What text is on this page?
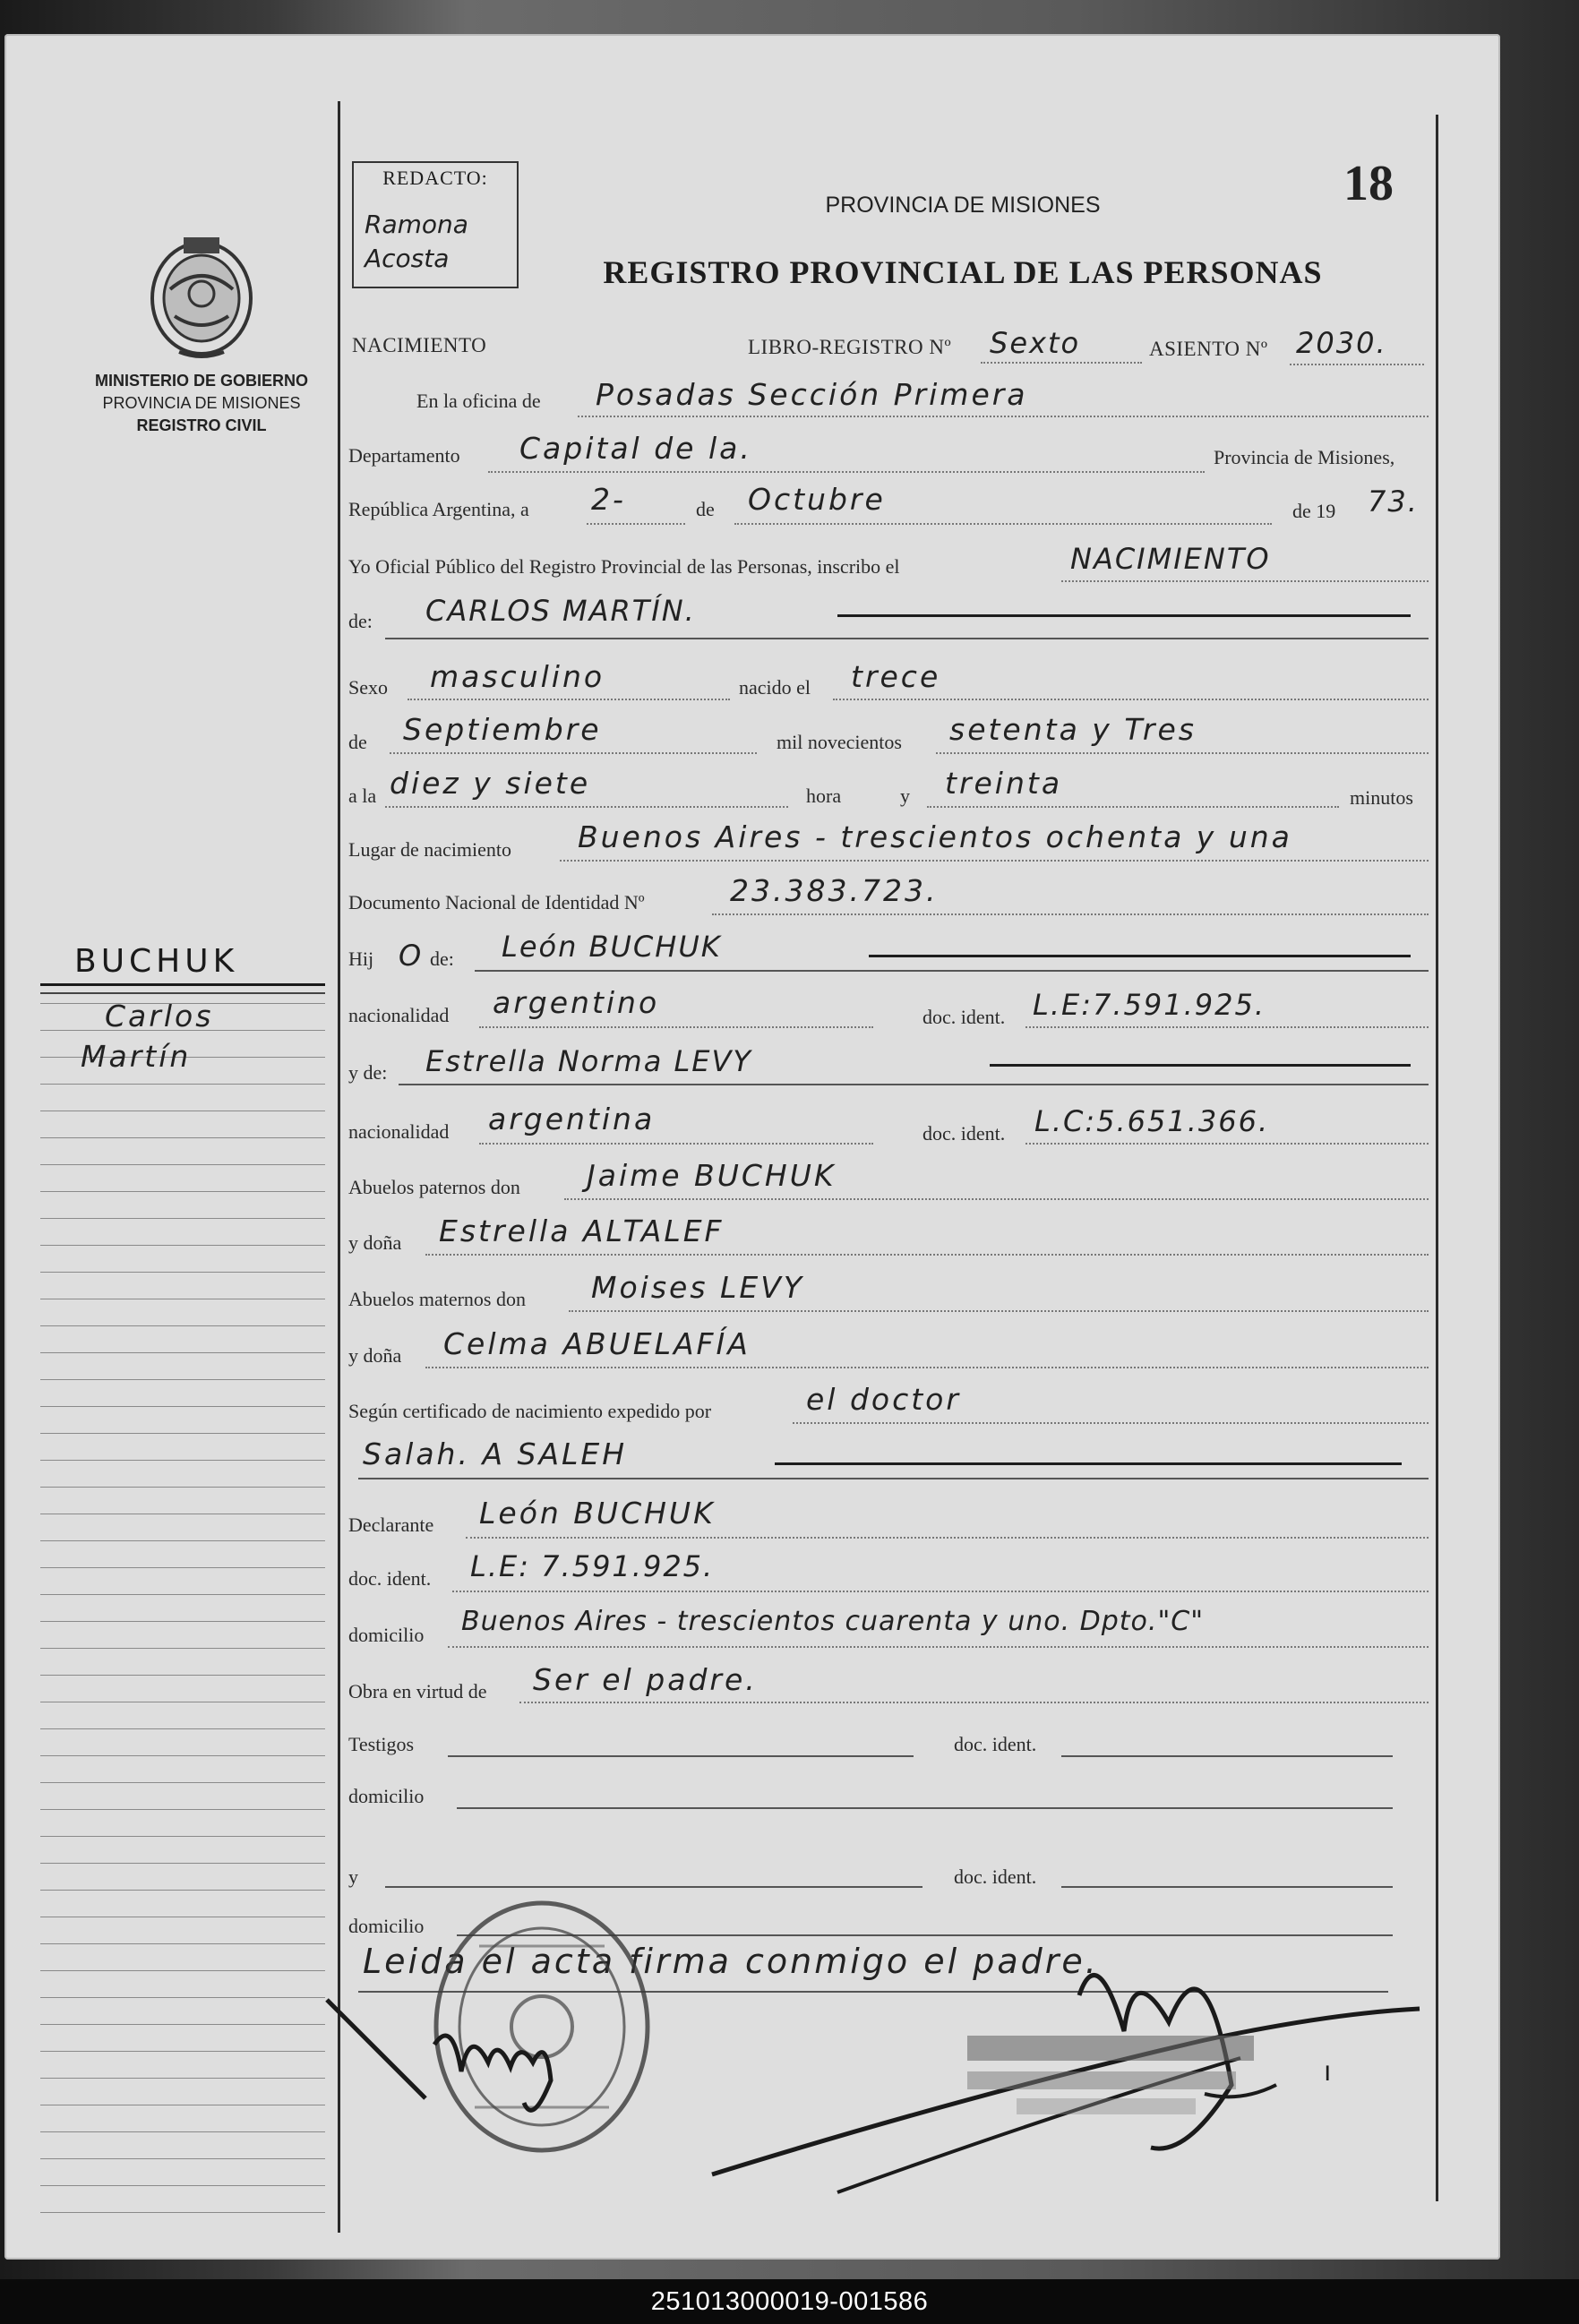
MINISTERIO DE GOBIERNO
PROVINCIA DE MISIONES
REGISTRO CIVIL
BUCHUK
Carlos
Martín
REDACTO:
Ramona
Acosta
PROVINCIA DE MISIONES
REGISTRO PROVINCIAL DE LAS PERSONAS
18
NACIMIENTO	LIBRO-REGISTRO Nº Sexto	ASIENTO Nº 2030.
En la oficina de Posadas Sección Primera
Departamento Capital de la.	Provincia de Misiones,
República Argentina, a 2-	de Octubre	de 19 73.
Yo Oficial Público del Registro Provincial de las Personas, inscribo el	NACIMIENTO
de: CARLOS MARTÍN.
Sexo masculino	nacido el trece
de Septiembre	mil novecientos setenta y Tres
a la diez y siete	hora	y treinta	minutos
Lugar de nacimiento Buenos Aires - trescientos ochenta y una
Documento Nacional de Identidad Nº	23.383.723.
Hij O de: León BUCHUK
nacionalidad argentino	doc. ident. L.E:7.591.925.
y de: Estrella Norma LEVY
nacionalidad argentina	doc. ident. L.C:5.651.366.
Abuelos paternos don Jaime BUCHUK
y doña Estrella ALTALEF
Abuelos maternos don Moises LEVY
y doña Celma ABUELAFÍA
Según certificado de nacimiento expedido por	el doctor
Salah. A SALEH
Declarante León BUCHUK
doc. ident. L.E: 7.591.925.
domicilio Buenos Aires - trescientos cuarenta y uno. Dpto."C"
Obra en virtud de Ser el padre.
Testigos	doc. ident.
domicilio
y	doc. ident.
domicilio
Leida el acta firma conmigo el padre.
ı
251013000019-001586
